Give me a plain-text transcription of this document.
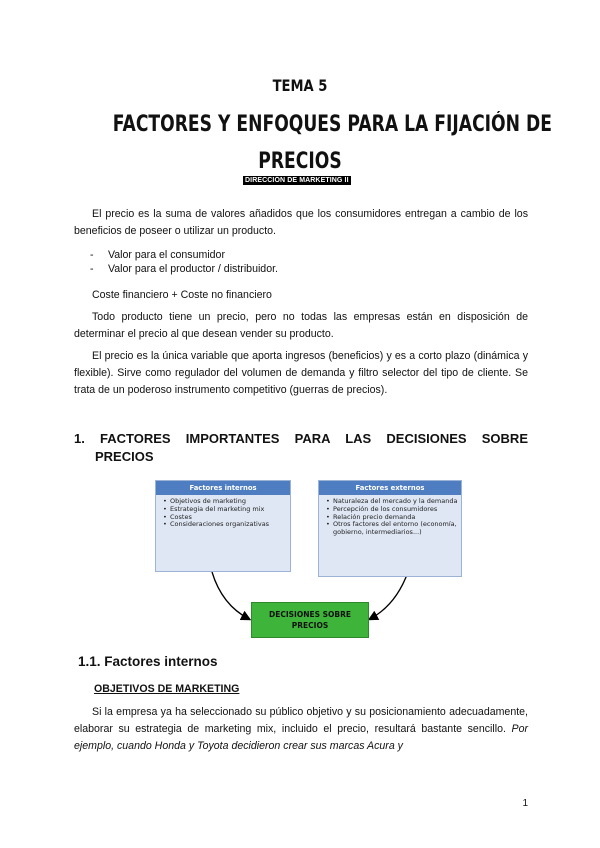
TEMA 5
FACTORES Y ENFOQUES PARA LA FIJACIÓN DE
PRECIOS
DIRECCIÓN DE MARKETING II
El precio es la suma de valores añadidos que los consumidores entregan a cambio de los beneficios de poseer o utilizar un producto.
- Valor para el consumidor
- Valor para el productor / distribuidor.
Coste financiero + Coste no financiero
Todo producto tiene un precio, pero no todas las empresas están en disposición de determinar el precio al que desean vender su producto.
El precio es la única variable que aporta ingresos (beneficios) y es a corto plazo (dinámica y flexible). Sirve como regulador del volumen de demanda y filtro selector del tipo de cliente. Se trata de un poderoso instrumento competitivo (guerras de precios).
1. FACTORES IMPORTANTES PARA LAS DECISIONES SOBRE
PRECIOS
Factores internos
• Objetivos de marketing
• Estrategia del marketing mix
• Costes
• Consideraciones organizativas
Factores externos
• Naturaleza del mercado y la demanda
• Percepción de los consumidores
• Relación precio demanda
• Otros factores del entorno (economía, gobierno, intermediarios...)
DECISIONES SOBRE
PRECIOS
1.1. Factores internos
OBJETIVOS DE MARKETING
Si la empresa ya ha seleccionado su público objetivo y su posicionamiento adecuadamente, elaborar su estrategia de marketing mix, incluido el precio, resultará bastante sencillo. Por ejemplo, cuando Honda y Toyota decidieron crear sus marcas Acura y
1
